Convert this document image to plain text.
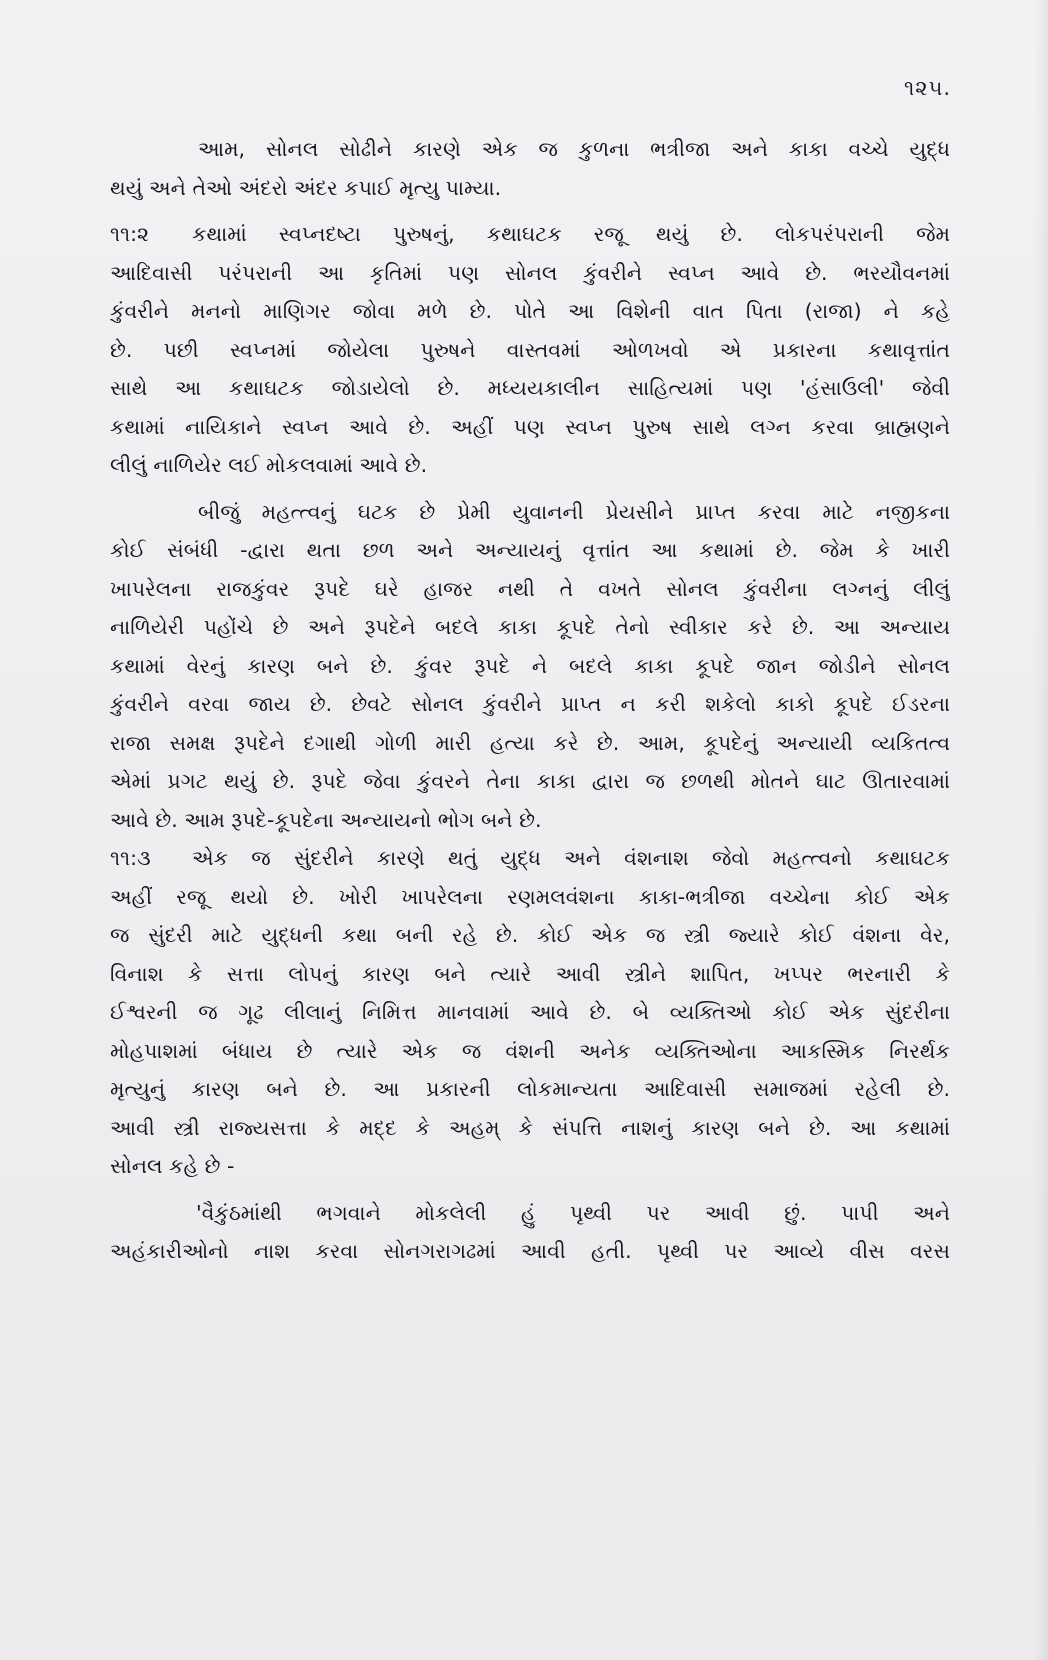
૧૨૫.
આમ, સોનલ સોઢીને કારણે એક જ કુળના ભત્રીજા અને કાકા વચ્ચે યુદ્ધ
થયું અને તેઓ અંદરો અંદર કપાઈ મૃત્યુ પામ્યા.
૧૧:૨ કથામાં સ્વપ્નદષ્ટા પુરુષનું, કથાઘટક રજૂ થયું છે. લોકપરંપરાની જેમ
આદિવાસી પરંપરાની આ કૃતિમાં પણ સોનલ કુંવરીને સ્વપ્ન આવે છે. ભરયૌવનમાં
કુંવરીને મનનો માણિગર જોવા મળે છે. પોતે આ વિશેની વાત પિતા (રાજા) ને કહે
છે. પછી સ્વપ્નમાં જોયેલા પુરુષને વાસ્તવમાં ઓળખવો એ પ્રકારના કથાવૃત્તાંત
સાથે આ કથાઘટક જોડાયેલો છે. મધ્યયકાલીન સાહિત્યમાં પણ 'હંસાઉલી' જેવી
કથામાં નાયિકાને સ્વપ્ન આવે છે. અહીં પણ સ્વપ્ન પુરુષ સાથે લગ્ન કરવા બ્રાહ્મણને
લીલું નાળિયેર લઈ મોકલવામાં આવે છે.
બીજું મહત્ત્વનું ઘટક છે પ્રેમી યુવાનની પ્રેયસીને પ્રાપ્ત કરવા માટે નજીકના
કોઈ સંબંધી -દ્વારા થતા છળ અને અન્યાયનું વૃત્તાંત આ કથામાં છે. જેમ કે ખારી
ખાપરેલના રાજકુંવર રૂપદે ઘરે હાજર નથી તે વખતે સોનલ કુંવરીના લગ્નનું લીલું
નાળિયેરી પહોંચે છે અને રૂપદેને બદલે કાકા કૂપદે તેનો સ્વીકાર કરે છે. આ અન્યાય
કથામાં વેરનું કારણ બને છે. કુંવર રૂપદે ને બદલે કાકા કૂપદે જાન જોડીને સોનલ
કુંવરીને વરવા જાય છે. છેવટે સોનલ કુંવરીને પ્રાપ્ત ન કરી શકેલો કાકો કૂપદે ઈડરના
રાજા સમક્ષ રૂપદેને દગાથી ગોળી મારી હત્યા કરે છે. આમ, કૂપદેનું અન્યાયી વ્યકિતત્વ
એમાં પ્રગટ થયું છે. રૂપદે જેવા કુંવરને તેના કાકા દ્વારા જ છળથી મોતને ઘાટ ઊતારવામાં
આવે છે. આમ રૂપદે-કૂપદેના અન્યાયનો ભોગ બને છે.
૧૧:૩ એક જ સુંદરીને કારણે થતું યુદ્ધ અને વંશનાશ જેવો મહત્ત્વનો કથાઘટક
અહીં રજૂ થયો છે. ખોરી ખાપરેલના રણમલવંશના કાકા-ભત્રીજા વચ્ચેના કોઈ એક
જ સુંદરી માટે યુદ્ધની કથા બની રહે છે. કોઈ એક જ સ્ત્રી જ્યારે કોઈ વંશના વેર,
વિનાશ કે સત્તા લોપનું કારણ બને ત્યારે આવી સ્ત્રીને શાપિત, ખપ્પર ભરનારી કે
ઈશ્વરની જ ગૂઢ લીલાનું નિમિત્ત માનવામાં આવે છે. બે વ્યક્તિઓ કોઈ એક સુંદરીના
મોહપાશમાં બંધાય છે ત્યારે એક જ વંશની અનેક વ્યક્તિઓના આકસ્મિક નિરર્થક
મૃત્યુનું કારણ બને છે. આ પ્રકારની લોકમાન્યતા આદિવાસી સમાજમાં રહેલી છે.
આવી સ્ત્રી રાજ્યસત્તા કે મદ્દ કે અહમ્ કે સંપત્તિ નાશનું કારણ બને છે. આ કથામાં
સોનલ કહે છે -
'વૈકુંઠમાંથી ભગવાને મોકલેલી હું પૃથ્વી પર આવી છું. પાપી અને
અહંકારીઓનો નાશ કરવા સોનગરાગઢમાં આવી હતી. પૃથ્વી પર આવ્યે વીસ વરસ
